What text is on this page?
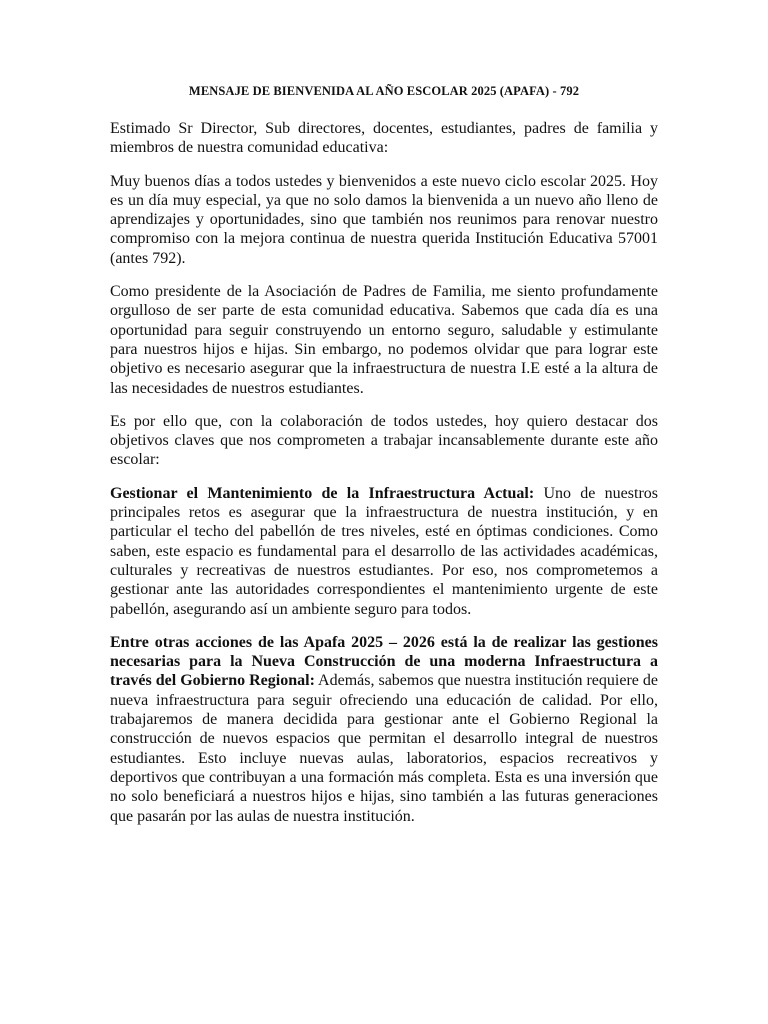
MENSAJE DE BIENVENIDA AL AÑO ESCOLAR 2025 (APAFA) - 792

Estimado Sr Director, Sub directores, docentes, estudiantes, padres de familia y miembros de nuestra comunidad educativa:

Muy buenos días a todos ustedes y bienvenidos a este nuevo ciclo escolar 2025. Hoy es un día muy especial, ya que no solo damos la bienvenida a un nuevo año lleno de aprendizajes y oportunidades, sino que también nos reunimos para renovar nuestro compromiso con la mejora continua de nuestra querida Institución Educativa 57001 (antes 792).

Como presidente de la Asociación de Padres de Familia, me siento profundamente orgulloso de ser parte de esta comunidad educativa. Sabemos que cada día es una oportunidad para seguir construyendo un entorno seguro, saludable y estimulante para nuestros hijos e hijas. Sin embargo, no podemos olvidar que para lograr este objetivo es necesario asegurar que la infraestructura de nuestra I.E esté a la altura de las necesidades de nuestros estudiantes.

Es por ello que, con la colaboración de todos ustedes, hoy quiero destacar dos objetivos claves que nos comprometen a trabajar incansablemente durante este año escolar:

Gestionar el Mantenimiento de la Infraestructura Actual: Uno de nuestros principales retos es asegurar que la infraestructura de nuestra institución, y en particular el techo del pabellón de tres niveles, esté en óptimas condiciones. Como saben, este espacio es fundamental para el desarrollo de las actividades académicas, culturales y recreativas de nuestros estudiantes. Por eso, nos comprometemos a gestionar ante las autoridades correspondientes el mantenimiento urgente de este pabellón, asegurando así un ambiente seguro para todos.

Entre otras acciones de las Apafa 2025 – 2026 está la de realizar las gestiones necesarias para la Nueva Construcción de una moderna Infraestructura a través del Gobierno Regional: Además, sabemos que nuestra institución requiere de nueva infraestructura para seguir ofreciendo una educación de calidad. Por ello, trabajaremos de manera decidida para gestionar ante el Gobierno Regional la construcción de nuevos espacios que permitan el desarrollo integral de nuestros estudiantes. Esto incluye nuevas aulas, laboratorios, espacios recreativos y deportivos que contribuyan a una formación más completa. Esta es una inversión que no solo beneficiará a nuestros hijos e hijas, sino también a las futuras generaciones que pasarán por las aulas de nuestra institución.
